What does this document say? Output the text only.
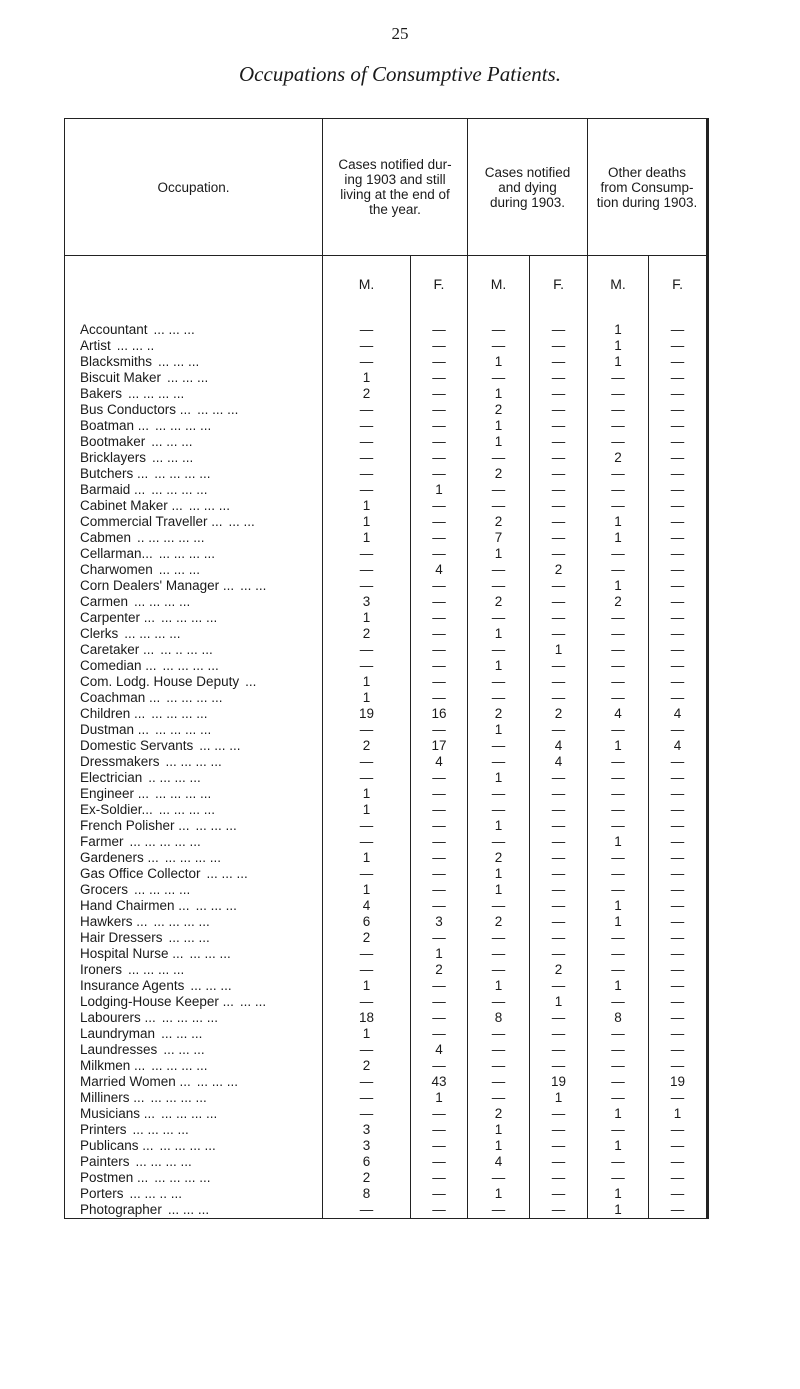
25
Occupations of Consumptive Patients.
Occupation.	Cases notified dur- ing 1903 and still living at the end of the year.		Cases notified and dying during 1903.		Other deaths from Consump- tion during 1903.	
	M.	F.	M.	F.	M.	F.

Accountant ... ... ...	—	—	—	—	1	—
Artist ... ... ..	—	—	—	—	1	—
Blacksmiths ... ... ...	—	—	1	—	1	—
Biscuit Maker ... ... ...	1	—	—	—	—	—
Bakers ... ... ... ...	2	—	1	—	—	—
Bus Conductors ... ... ... ...	—	—	2	—	—	—
Boatman ... ... ... ... ...	—	—	1	—	—	—
Bootmaker ... ... ...	—	—	1	—	—	—
Bricklayers ... ... ...	—	—	—	—	2	—
Butchers ... ... ... ... ...	—	—	2	—	—	—
Barmaid ... ... ... ... ...	—	1	—	—	—	—
Cabinet Maker ... ... ... ...	1	—	—	—	—	—
Commercial Traveller ... ... ...	1	—	2	—	1	—
Cabmen .. ... ... ... ...	1	—	7	—	1	—
Cellarman... ... ... ... ...	—	—	1	—	—	—
Charwomen ... ... ...	—	4	—	2	—	—
Corn Dealers' Manager ... ... ...	—	—	—	—	1	—
Carmen ... ... ... ...	3	—	2	—	2	—
Carpenter ... ... ... ... ...	1	—	—	—	—	—
Clerks ... ... ... ...	2	—	1	—	—	—
Caretaker ... ... .. ... ...	—	—	—	1	—	—
Comedian ... ... ... ... ...	—	—	1	—	—	—
Com. Lodg. House Deputy ...	1	—	—	—	—	—
Coachman ... ... ... ... ...	1	—	—	—	—	—
Children ... ... ... ... ...	19	16	2	2	4	4
Dustman ... ... ... ... ...	—	—	1	—	—	—
Domestic Servants ... ... ...	2	17	—	4	1	4
Dressmakers ... ... ... ...	—	4	—	4	—	—
Electrician .. ... ... ...	—	—	1	—	—	—
Engineer ... ... ... ... ...	1	—	—	—	—	—
Ex-Soldier... ... ... ... ...	1	—	—	—	—	—
French Polisher ... ... ... ...	—	—	1	—	—	—
Farmer ... ... ... ... ...	—	—	—	—	1	—
Gardeners ... ... ... ... ...	1	—	2	—	—	—
Gas Office Collector ... ... ...	—	—	1	—	—	—
Grocers ... ... ... ...	1	—	1	—	—	—
Hand Chairmen ... ... ... ...	4	—	—	—	1	—
Hawkers ... ... ... ... ...	6	3	2	—	1	—
Hair Dressers ... ... ...	2	—	—	—	—	—
Hospital Nurse ... ... ... ...	—	1	—	—	—	—
Ironers ... ... ... ...	—	2	—	2	—	—
Insurance Agents ... ... ...	1	—	1	—	1	—
Lodging-House Keeper ... ... ...	—	—	—	1	—	—
Labourers ... ... ... ... ...	18	—	8	—	8	—
Laundryman ... ... ...	1	—	—	—	—	—
Laundresses ... ... ...	—	4	—	—	—	—
Milkmen ... ... ... ... ...	2	—	—	—	—	—
Married Women ... ... ... ...	—	43	—	19	—	19
Milliners ... ... ... ... ...	—	1	—	1	—	—
Musicians ... ... ... ... ...	—	—	2	—	1	1
Printers ... ... ... ...	3	—	1	—	—	—
Publicans ... ... ... ... ...	3	—	1	—	1	—
Painters ... ... ... ...	6	—	4	—	—	—
Postmen ... ... ... ... ...	2	—	—	—	—	—
Porters ... ... .. ...	8	—	1	—	1	—
Photographer ... ... ...	—	—	—	—	1	—
